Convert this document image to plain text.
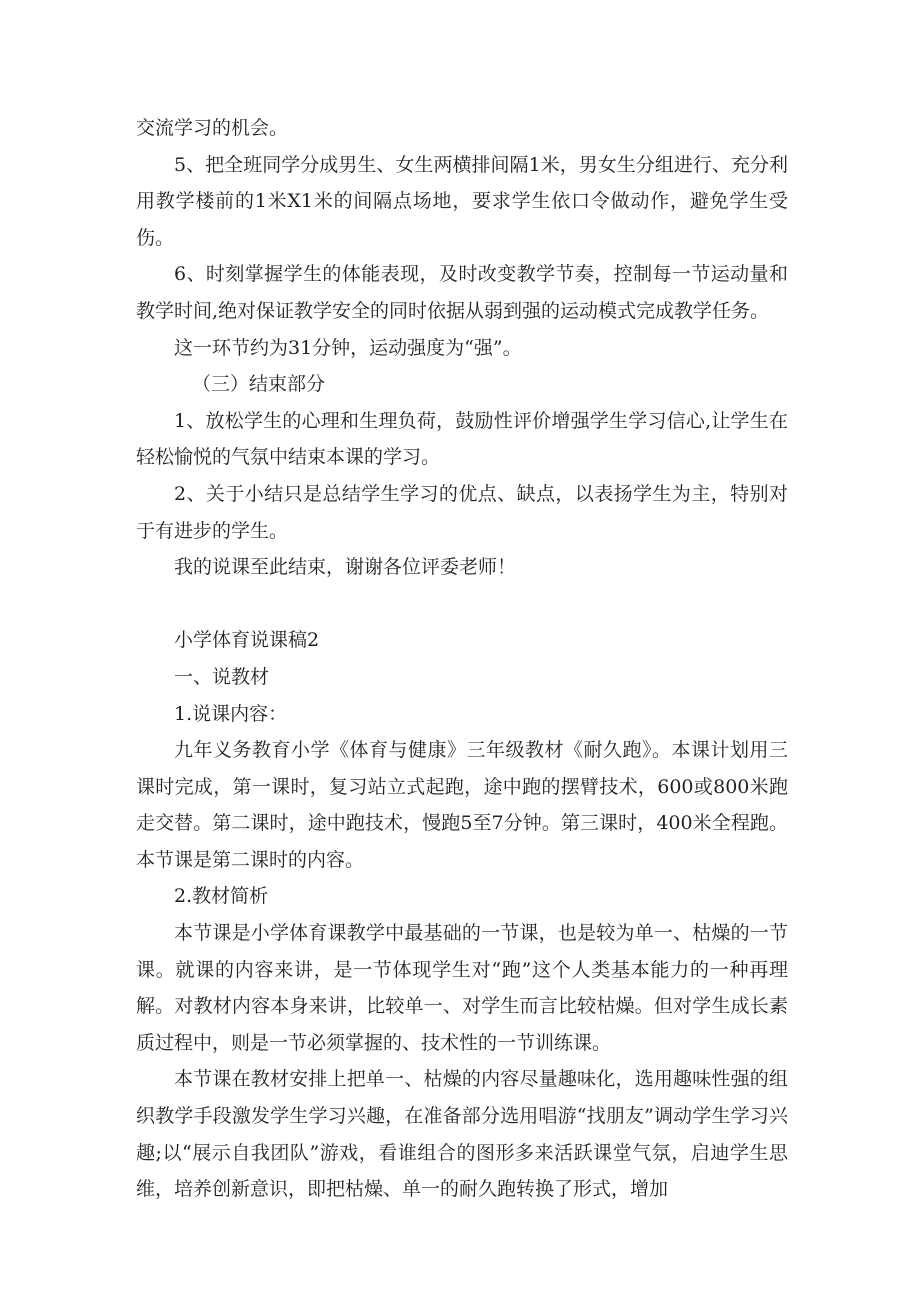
交流学习的机会。

5、把全班同学分成男生、女生两横排间隔1米，男女生分组进行、充分利用教学楼前的1米X1米的间隔点场地，要求学生依口令做动作，避免学生受伤。

6、时刻掌握学生的体能表现，及时改变教学节奏，控制每一节运动量和教学时间,绝对保证教学安全的同时依据从弱到强的运动模式完成教学任务。

这一环节约为31分钟，运动强度为“强”。

（三）结束部分

1、放松学生的心理和生理负荷，鼓励性评价增强学生学习信心,让学生在轻松愉悦的气氛中结束本课的学习。

2、关于小结只是总结学生学习的优点、缺点，以表扬学生为主，特别对于有进步的学生。

我的说课至此结束，谢谢各位评委老师！

小学体育说课稿2

一、说教材

1.说课内容：

九年义务教育小学《体育与健康》三年级教材《耐久跑》。本课计划用三课时完成，第一课时，复习站立式起跑，途中跑的摆臂技术，600或800米跑走交替。第二课时，途中跑技术，慢跑5至7分钟。第三课时，400米全程跑。本节课是第二课时的内容。

2.教材简析

本节课是小学体育课教学中最基础的一节课，也是较为单一、枯燥的一节课。就课的内容来讲，是一节体现学生对“跑”这个人类基本能力的一种再理解。对教材内容本身来讲，比较单一、对学生而言比较枯燥。但对学生成长素质过程中，则是一节必须掌握的、技术性的一节训练课。

本节课在教材安排上把单一、枯燥的内容尽量趣味化，选用趣味性强的组织教学手段激发学生学习兴趣，在准备部分选用唱游“找朋友”调动学生学习兴趣;以“展示自我团队”游戏，看谁组合的图形多来活跃课堂气氛，启迪学生思维，培养创新意识，即把枯燥、单一的耐久跑转换了形式，增加
